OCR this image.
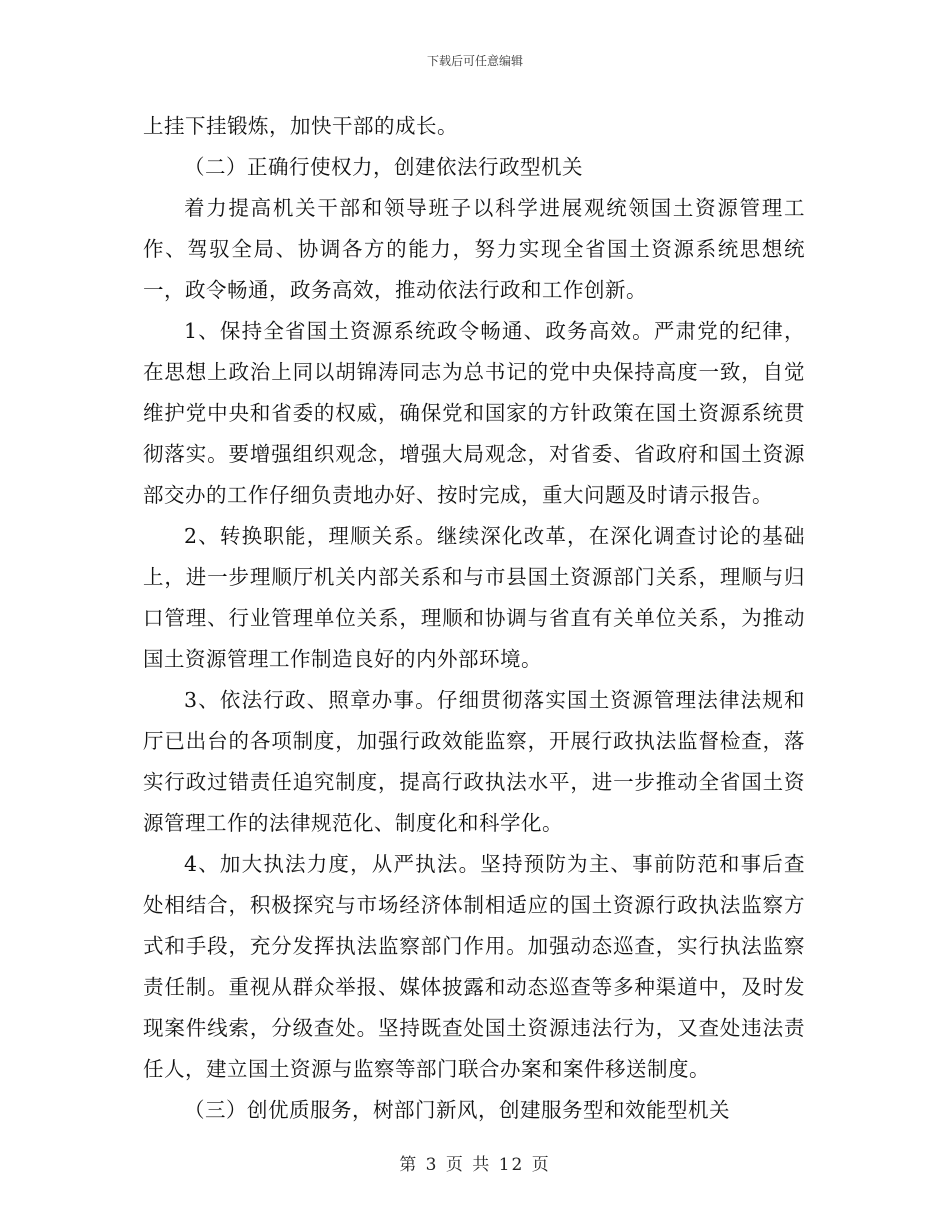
下载后可任意编辑

上挂下挂锻炼，加快干部的成长。

（二）正确行使权力，创建依法行政型机关

着力提高机关干部和领导班子以科学进展观统领国土资源管理工作、驾驭全局、协调各方的能力，努力实现全省国土资源系统思想统一，政令畅通，政务高效，推动依法行政和工作创新。

1、保持全省国土资源系统政令畅通、政务高效。严肃党的纪律，在思想上政治上同以胡锦涛同志为总书记的党中央保持高度一致，自觉维护党中央和省委的权威，确保党和国家的方针政策在国土资源系统贯彻落实。要增强组织观念，增强大局观念，对省委、省政府和国土资源部交办的工作仔细负责地办好、按时完成，重大问题及时请示报告。

2、转换职能，理顺关系。继续深化改革，在深化调查讨论的基础上，进一步理顺厅机关内部关系和与市县国土资源部门关系，理顺与归口管理、行业管理单位关系，理顺和协调与省直有关单位关系，为推动国土资源管理工作制造良好的内外部环境。

3、依法行政、照章办事。仔细贯彻落实国土资源管理法律法规和厅已出台的各项制度，加强行政效能监察，开展行政执法监督检查，落实行政过错责任追究制度，提高行政执法水平，进一步推动全省国土资源管理工作的法律规范化、制度化和科学化。

4、加大执法力度，从严执法。坚持预防为主、事前防范和事后查处相结合，积极探究与市场经济体制相适应的国土资源行政执法监察方式和手段，充分发挥执法监察部门作用。加强动态巡查，实行执法监察责任制。重视从群众举报、媒体披露和动态巡查等多种渠道中，及时发现案件线索，分级查处。坚持既查处国土资源违法行为，又查处违法责任人，建立国土资源与监察等部门联合办案和案件移送制度。

（三）创优质服务，树部门新风，创建服务型和效能型机关

第 3 页 共 12 页
